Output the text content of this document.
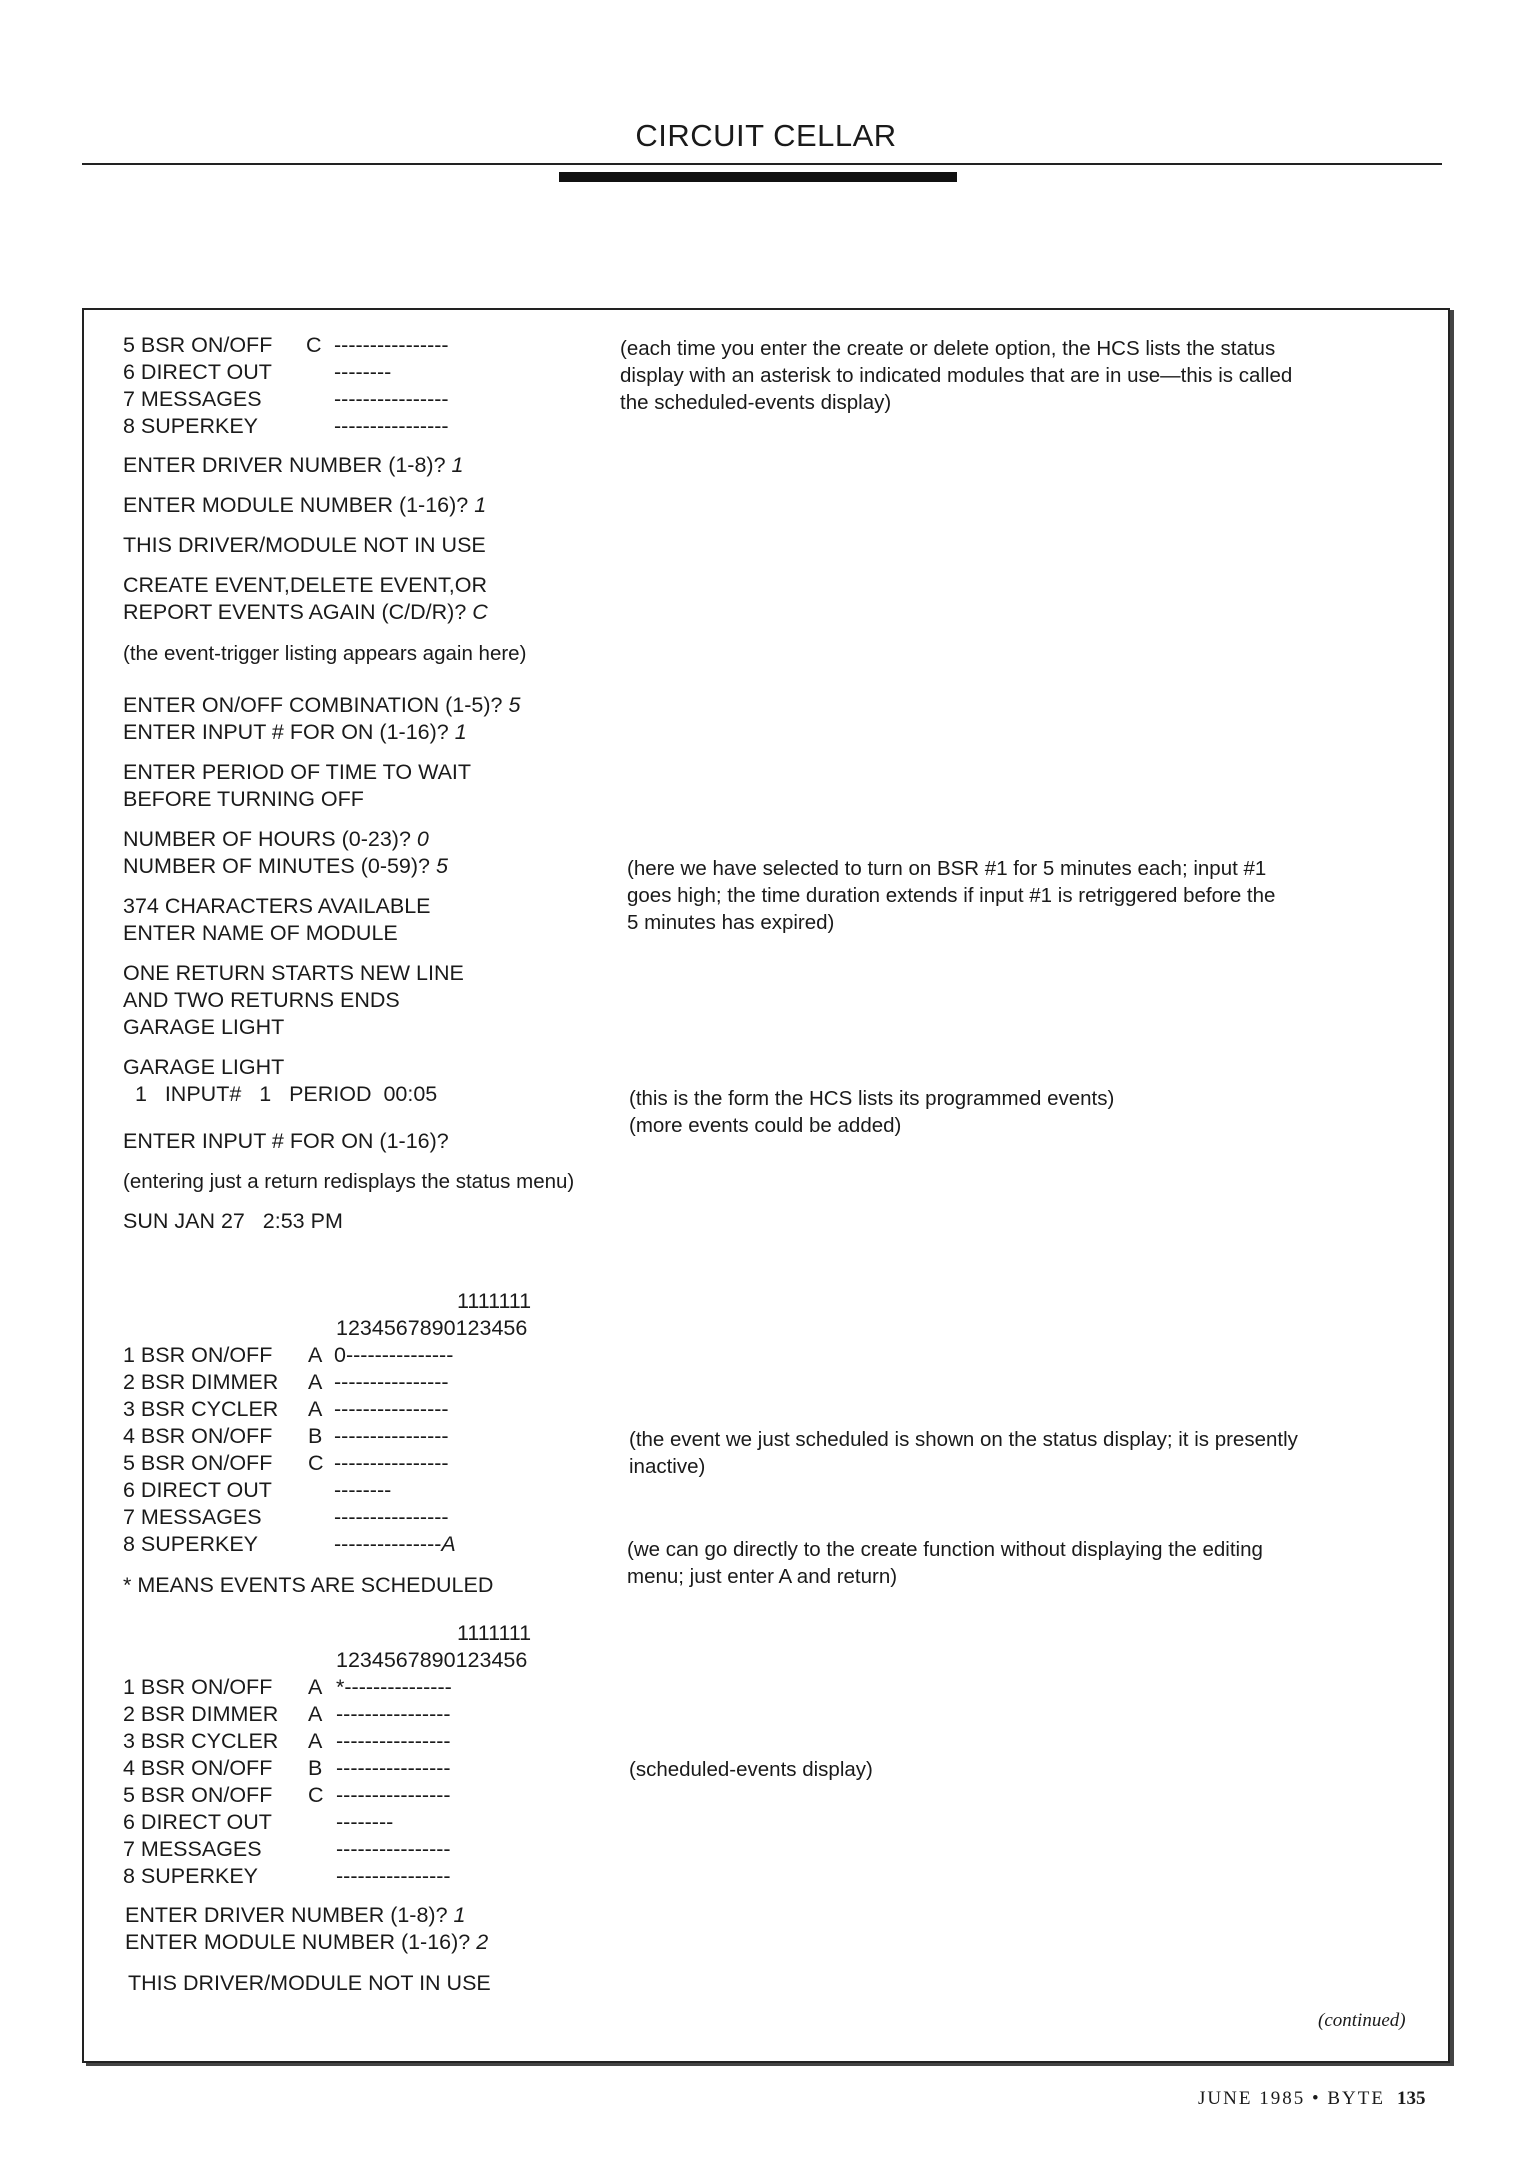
CIRCUIT CELLAR
5 BSR ON/OFF C ----------------
6 DIRECT OUT	--------
7 MESSAGES	----------------
8 SUPERKEY	----------------
ENTER DRIVER NUMBER (1-8)? 1
ENTER MODULE NUMBER (1-16)? 1
THIS DRIVER/MODULE NOT IN USE
CREATE EVENT,DELETE EVENT,OR
REPORT EVENTS AGAIN (C/D/R)? C
(the event-trigger listing appears again here)
ENTER ON/OFF COMBINATION (1-5)? 5
ENTER INPUT # FOR ON (1-16)? 1
ENTER PERIOD OF TIME TO WAIT
BEFORE TURNING OFF
NUMBER OF HOURS (0-23)? 0
NUMBER OF MINUTES (0-59)? 5
374 CHARACTERS AVAILABLE
ENTER NAME OF MODULE
ONE RETURN STARTS NEW LINE
AND TWO RETURNS ENDS
GARAGE LIGHT
GARAGE LIGHT
1   INPUT#   1   PERIOD  00:05
ENTER INPUT # FOR ON (1-16)?
(entering just a return redisplays the status menu)
SUN JAN 27   2:53 PM
1111111
1234567890123456
1 BSR ON/OFF A 0---------------
2 BSR DIMMER A ----------------
3 BSR CYCLER A ----------------
4 BSR ON/OFF B ----------------
5 BSR ON/OFF C ----------------
6 DIRECT OUT	--------
7 MESSAGES	----------------
8 SUPERKEY	---------------A
* MEANS EVENTS ARE SCHEDULED
1111111
1234567890123456
1 BSR ON/OFF A *---------------
2 BSR DIMMER A ----------------
3 BSR CYCLER A ----------------
4 BSR ON/OFF B ----------------
5 BSR ON/OFF C ----------------
6 DIRECT OUT	--------
7 MESSAGES	----------------
8 SUPERKEY	----------------
ENTER DRIVER NUMBER (1-8)? 1
ENTER MODULE NUMBER (1-16)? 2
THIS DRIVER/MODULE NOT IN USE
(each time you enter the create or delete option, the HCS lists the status
display with an asterisk to indicated modules that are in use—this is called
the scheduled-events display)
(here we have selected to turn on BSR #1 for 5 minutes each; input #1
goes high; the time duration extends if input #1 is retriggered before the
5 minutes has expired)
(this is the form the HCS lists its programmed events)
(more events could be added)
(the event we just scheduled is shown on the status display; it is presently
inactive)
(we can go directly to the create function without displaying the editing
menu; just enter A and return)
(scheduled-events display)
(continued)
JUNE 1985 • BYTE 135
